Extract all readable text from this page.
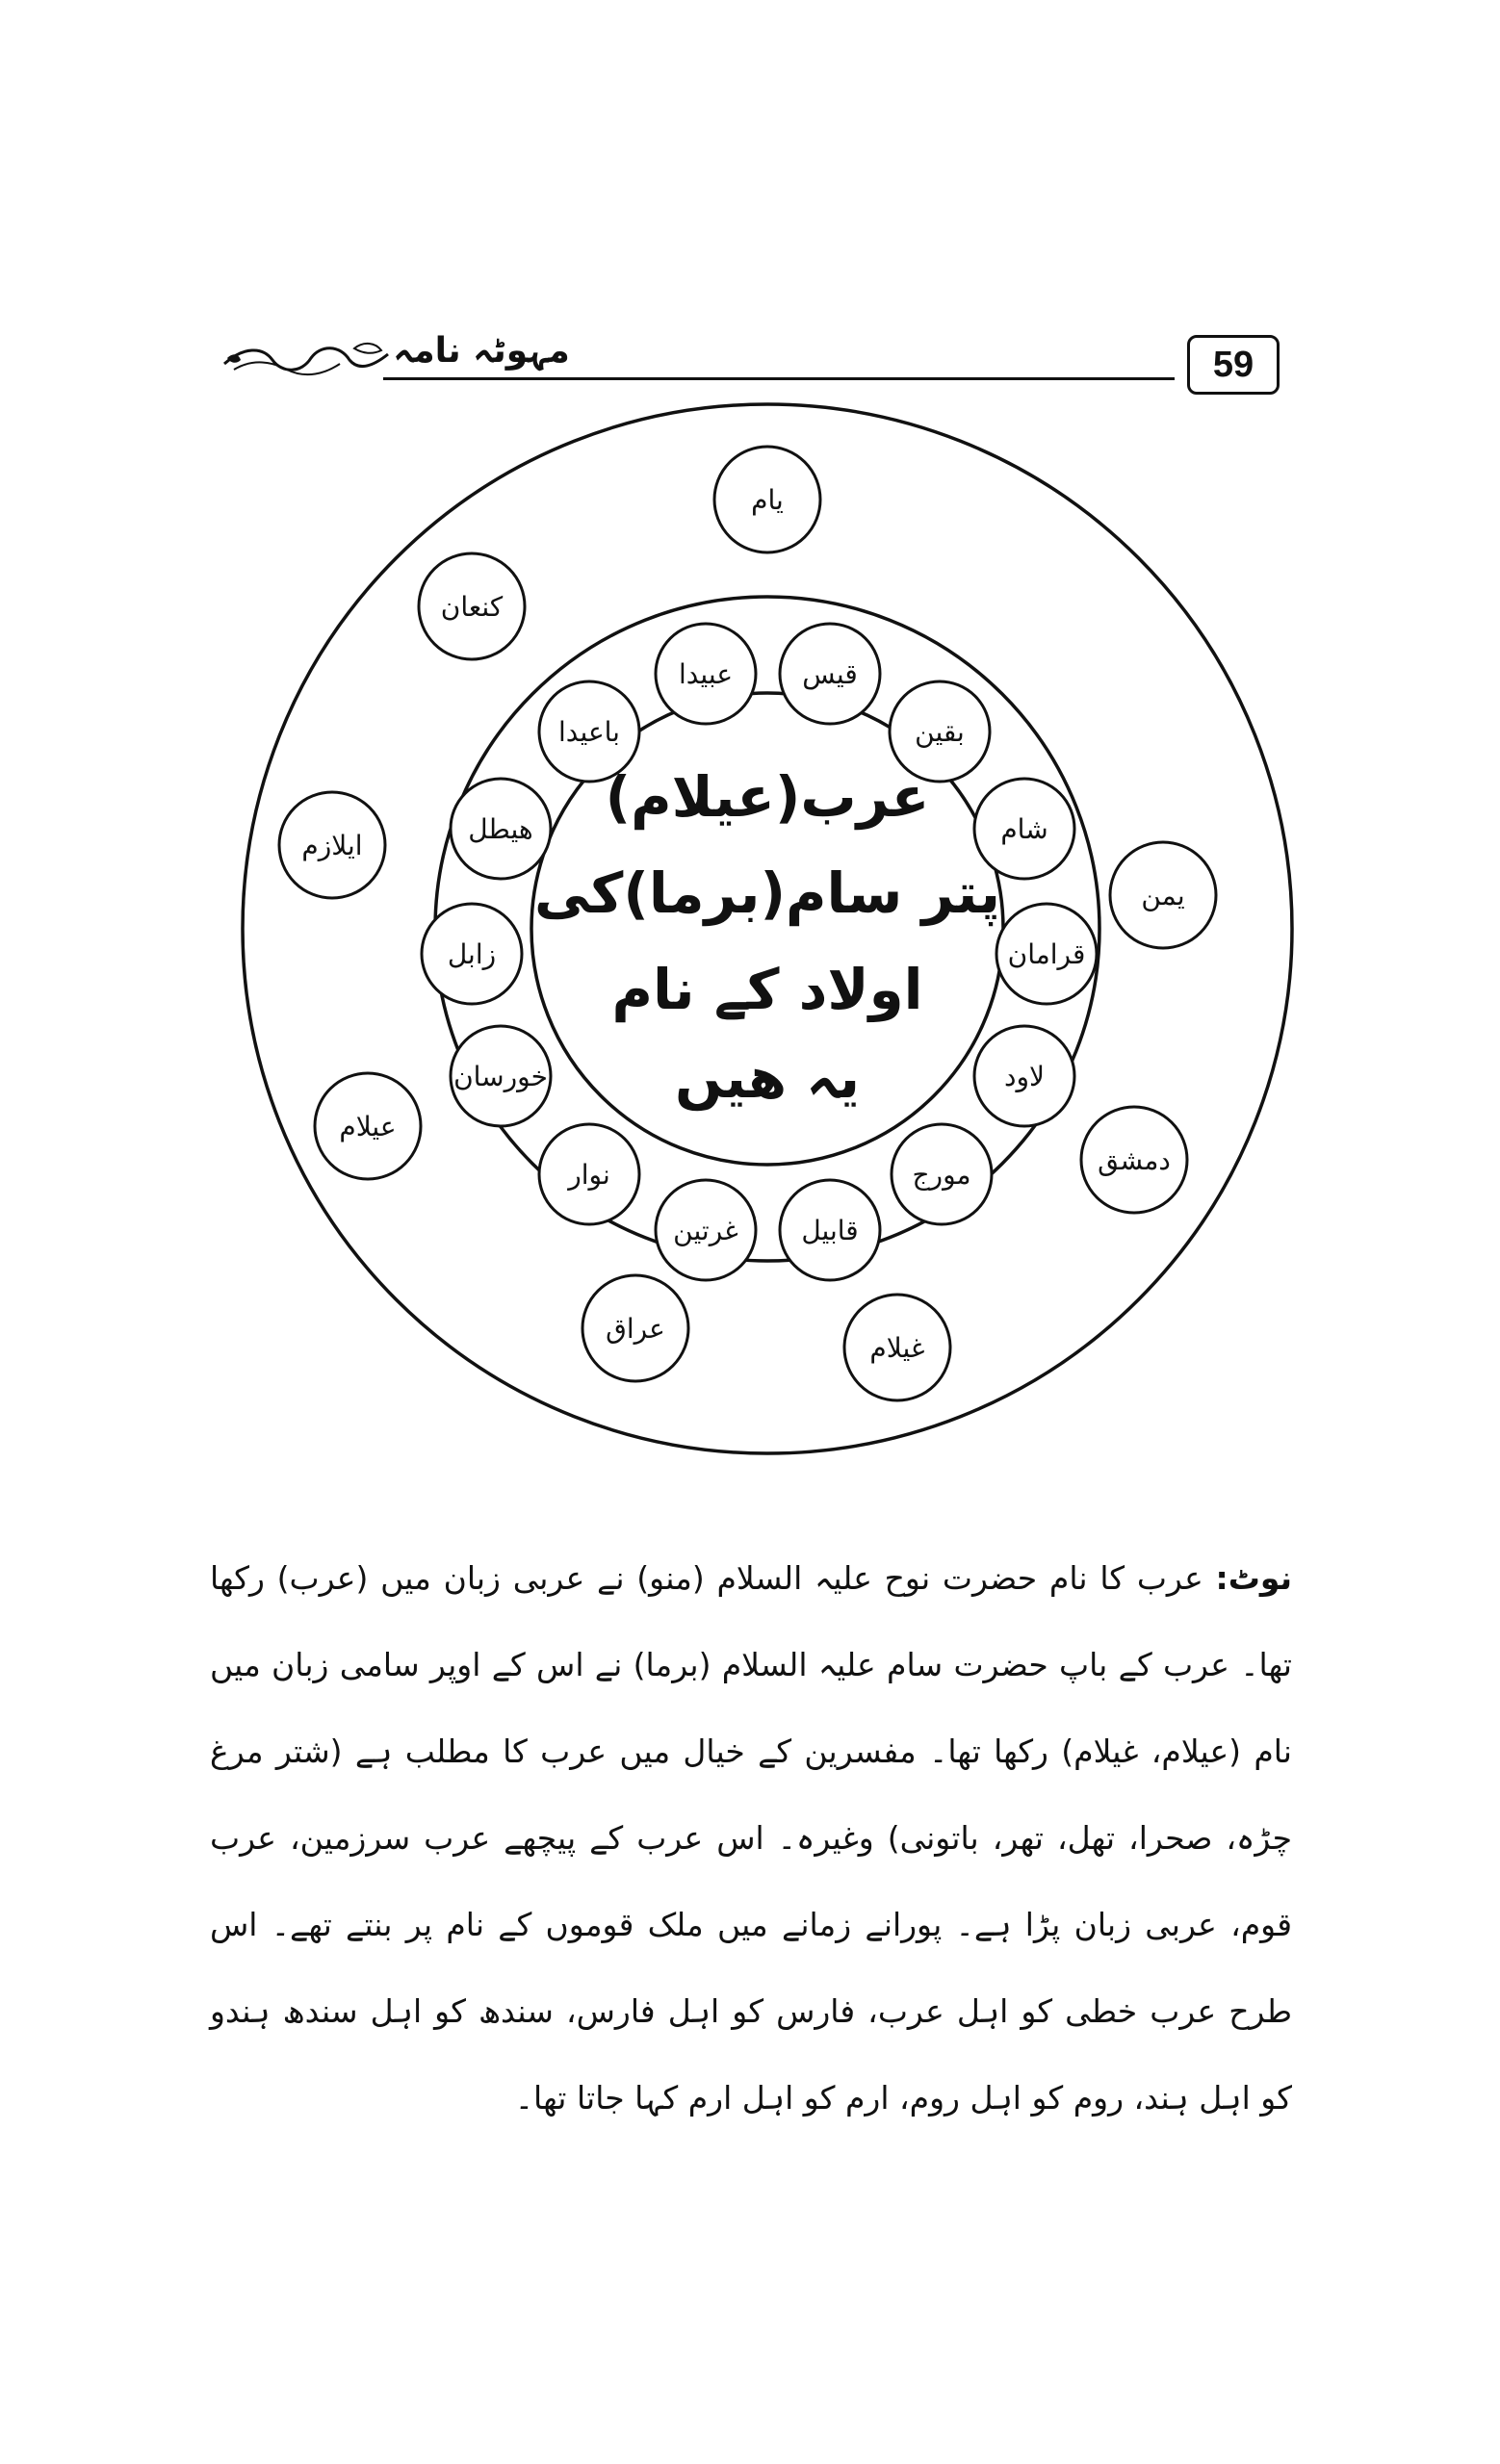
مہوٹہ نامہ	59
قیس
بقین
شام
قرامان
لاود
مورج
قابیل
غرتین
نوار
خورسان
زابل
ھیطل
باعیدا
عبیدا
یام
یمن
دمشق
غیلام
عراق
عیلام
ایلازم
کنعان
عرب(عیلام)
پتر سام(برما)کی
اولاد کے نام
یہ ھیں
نوٹ: عرب کا نام حضرت نوح علیہ السلام (منو) نے عربی زبان میں (عرب) رکھا تھا۔ عرب کے باپ حضرت سام علیہ السلام (برما) نے اس کے اوپر سامی زبان میں نام (عیلام، غیلام) رکھا تھا۔ مفسرین کے خیال میں عرب کا مطلب ہے (شتر مرغ چڑہ، صحرا، تھل، تھر، باتونی) وغیرہ۔ اس عرب کے پیچھے عرب سرزمین، عرب قوم، عربی زبان پڑا ہے۔ پورانے زمانے میں ملک قوموں کے نام پر بنتے تھے۔ اس طرح عرب خطی کو اہل عرب، فارس کو اہل فارس، سندھ کو اہل سندھ ہندو کو اہل ہند، روم کو اہل روم، ارم کو اہل ارم کہا جاتا تھا۔
